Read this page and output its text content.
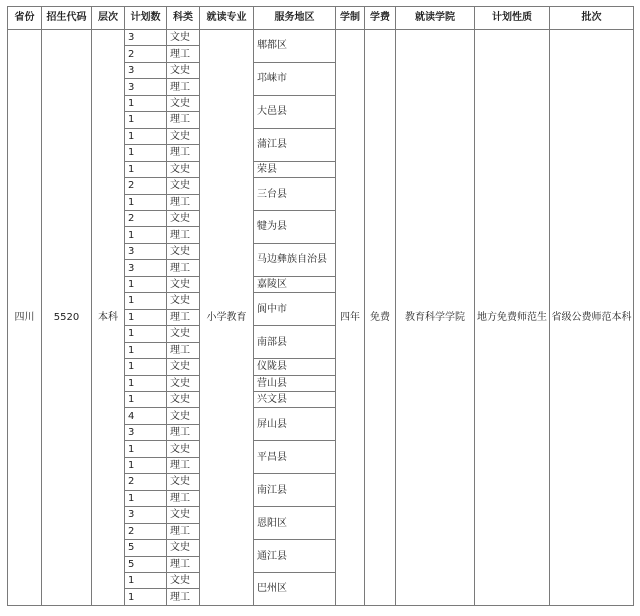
省份	招生代码	层次	计划数	科类	就读专业	服务地区	学制	学费	就读学院	计划性质	批次
四川	5520	本科	3	文史	小学教育	郫都区	四年	免费	教育科学学院	地方免费师范生	省级公费师范本科
			2	理工							
			3	文史		邛崃市					
			3	理工							
			1	文史		大邑县					
			1	理工							
			1	文史		蒲江县					
			1	理工							
			1	文史		荣县					
			2	文史		三台县					
			1	理工							
			2	文史		犍为县					
			1	理工							
			3	文史		马边彝族自治县					
			3	理工							
			1	文史		嘉陵区					
			1	文史		阆中市					
			1	理工							
			1	文史		南部县					
			1	理工							
			1	文史		仪陇县					
			1	文史		营山县					
			1	文史		兴文县					
			4	文史		屏山县					
			3	理工							
			1	文史		平昌县					
			1	理工							
			2	文史		南江县					
			1	理工							
			3	文史		恩阳区					
			2	理工							
			5	文史		通江县					
			5	理工							
			1	文史		巴州区					
			1	理工							
